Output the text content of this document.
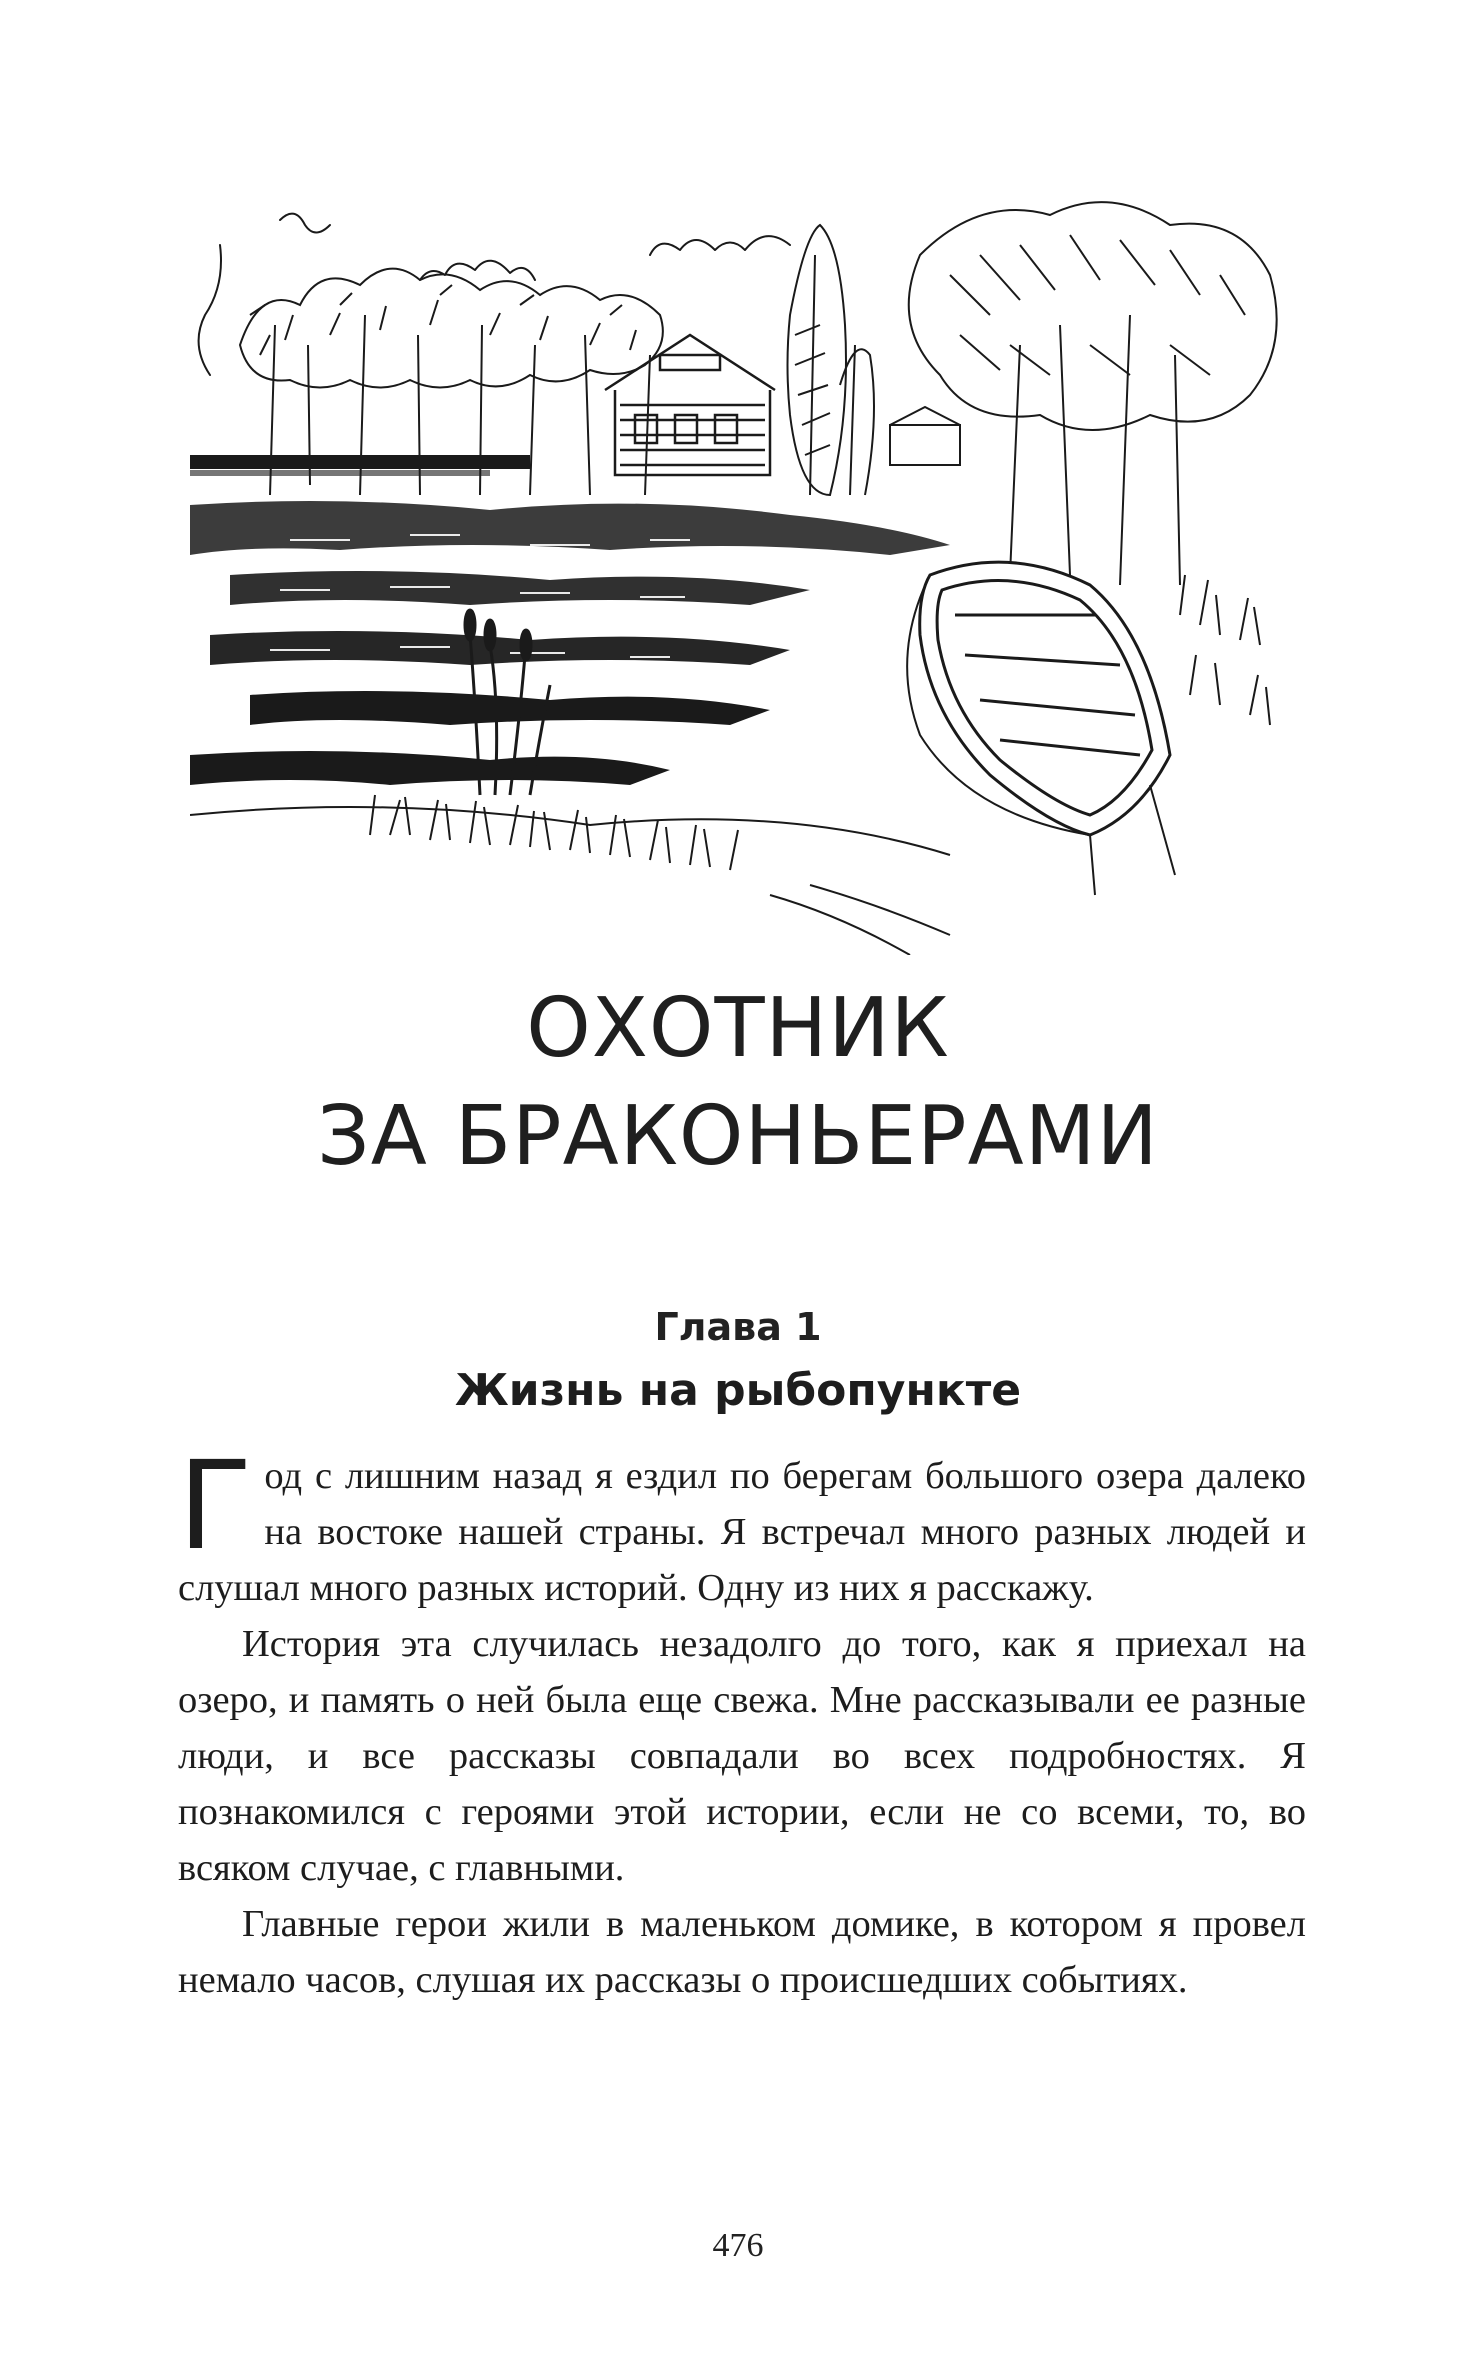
ОХОТНИК
ЗА БРАКОНЬЕРАМИ
Глава 1
Жизнь на рыбопункте

Год с лишним назад я ездил по берегам большого озера далеко на востоке нашей страны. Я встречал много разных людей и слушал много разных историй. Одну из них я расскажу.

История эта случилась незадолго до того, как я приехал на озеро, и память о ней была еще свежа. Мне рассказывали ее разные люди, и все рассказы совпадали во всех подробностях. Я познакомился с героями этой истории, если не со всеми, то, во всяком случае, с главными.

Главные герои жили в маленьком домике, в котором я провел немало часов, слушая их рассказы о происшедших событиях.

476
